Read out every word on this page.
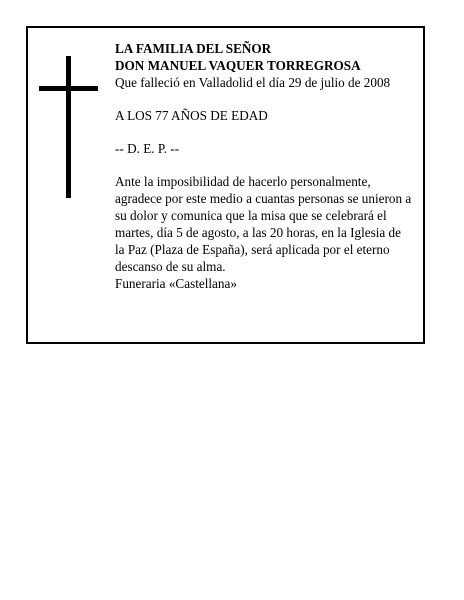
LA FAMILIA DEL SEÑOR

DON MANUEL VAQUER TORREGROSA

Que falleció en Valladolid el día 29 de julio de 2008

A LOS 77 AÑOS DE EDAD

-- D. E. P. --

Ante la imposibilidad de hacerlo personalmente,

agradece por este medio a cuantas personas se unieron a

su dolor y comunica que la misa que se celebrará el

martes, día 5 de agosto, a las 20 horas, en la Iglesia de

la Paz (Plaza de España), será aplicada por el eterno

descanso de su alma.

Funeraria «Castellana»
